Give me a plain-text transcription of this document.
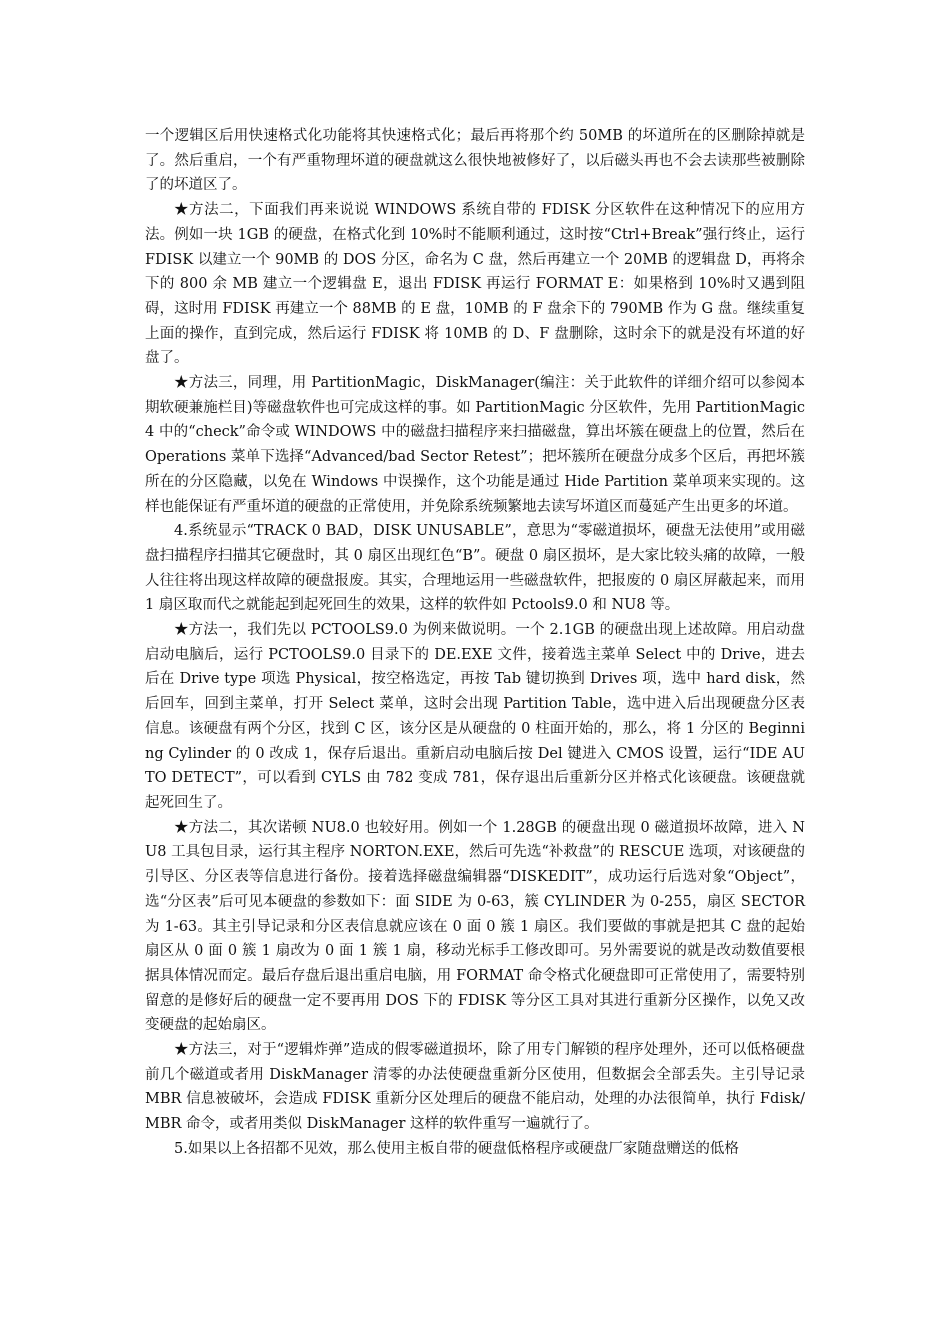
一个逻辑区后用快速格式化功能将其快速格式化；最后再将那个约 50MB 的坏道所在的区删除掉就是了。然后重启，一个有严重物理坏道的硬盘就这么很快地被修好了，以后磁头再也不会去读那些被删除了的坏道区了。

★方法二，下面我们再来说说 WINDOWS 系统自带的 FDISK 分区软件在这种情况下的应用方法。例如一块 1GB 的硬盘，在格式化到 10%时不能顺利通过，这时按“Ctrl+Break”强行终止，运行 FDISK 以建立一个 90MB 的 DOS 分区，命名为 C 盘，然后再建立一个 20MB 的逻辑盘 D，再将余下的 800 余 MB 建立一个逻辑盘 E，退出 FDISK 再运行 FORMAT E：如果格到 10%时又遇到阻碍，这时用 FDISK 再建立一个 88MB 的 E 盘，10MB 的 F 盘余下的 790MB 作为 G 盘。继续重复上面的操作，直到完成，然后运行 FDISK 将 10MB 的 D、F 盘删除，这时余下的就是没有坏道的好盘了。

★方法三，同理，用 PartitionMagic，DiskManager(编注：关于此软件的详细介绍可以参阅本期软硬兼施栏目)等磁盘软件也可完成这样的事。如 PartitionMagic 分区软件，先用 PartitionMagic4 中的“check”命令或 WINDOWS 中的磁盘扫描程序来扫描磁盘，算出坏簇在硬盘上的位置，然后在 Operations 菜单下选择“Advanced/bad Sector Retest”；把坏簇所在硬盘分成多个区后，再把坏簇所在的分区隐藏，以免在 Windows 中误操作，这个功能是通过 Hide Partition 菜单项来实现的。这样也能保证有严重坏道的硬盘的正常使用，并免除系统频繁地去读写坏道区而蔓延产生出更多的坏道。

4.系统显示“TRACK 0 BAD，DISK UNUSABLE”，意思为“零磁道损坏，硬盘无法使用”或用磁盘扫描程序扫描其它硬盘时，其 0 扇区出现红色“B”。硬盘 0 扇区损坏，是大家比较头痛的故障，一般人往往将出现这样故障的硬盘报废。其实，合理地运用一些磁盘软件，把报废的 0 扇区屏蔽起来，而用 1 扇区取而代之就能起到起死回生的效果，这样的软件如 Pctools9.0 和 NU8 等。

★方法一，我们先以 PCTOOLS9.0 为例来做说明。一个 2.1GB 的硬盘出现上述故障。用启动盘启动电脑后，运行 PCTOOLS9.0 目录下的 DE.EXE 文件，接着选主菜单 Select 中的 Drive，进去后在 Drive type 项选 Physical，按空格选定，再按 Tab 键切换到 Drives 项，选中 hard disk，然后回车，回到主菜单，打开 Select 菜单，这时会出现 Partition Table，选中进入后出现硬盘分区表信息。该硬盘有两个分区，找到 C 区，该分区是从硬盘的 0 柱面开始的，那么，将 1 分区的 Beginning Cylinder 的 0 改成 1，保存后退出。重新启动电脑后按 Del 键进入 CMOS 设置，运行“IDE AUTO DETECT”，可以看到 CYLS 由 782 变成 781，保存退出后重新分区并格式化该硬盘。该硬盘就起死回生了。

★方法二，其次诺顿 NU8.0 也较好用。例如一个 1.28GB 的硬盘出现 0 磁道损坏故障，进入 NU8 工具包目录，运行其主程序 NORTON.EXE，然后可先选“补救盘”的 RESCUE 选项，对该硬盘的引导区、分区表等信息进行备份。接着选择磁盘编辑器“DISKEDIT”，成功运行后选对象“Object”，选“分区表”后可见本硬盘的参数如下：面 SIDE 为 0-63，簇 CYLINDER 为 0-255，扇区 SECTOR 为 1-63。其主引导记录和分区表信息就应该在 0 面 0 簇 1 扇区。我们要做的事就是把其 C 盘的起始扇区从 0 面 0 簇 1 扇改为 0 面 1 簇 1 扇，移动光标手工修改即可。另外需要说的就是改动数值要根据具体情况而定。最后存盘后退出重启电脑，用 FORMAT 命令格式化硬盘即可正常使用了，需要特别留意的是修好后的硬盘一定不要再用 DOS 下的 FDISK 等分区工具对其进行重新分区操作，以免又改变硬盘的起始扇区。

★方法三，对于“逻辑炸弹”造成的假零磁道损坏，除了用专门解锁的程序处理外，还可以低格硬盘前几个磁道或者用 DiskManager 清零的办法使硬盘重新分区使用，但数据会全部丢失。主引导记录 MBR 信息被破坏，会造成 FDISK 重新分区处理后的硬盘不能启动，处理的办法很简单，执行 Fdisk/MBR 命令，或者用类似 DiskManager 这样的软件重写一遍就行了。

5.如果以上各招都不见效，那么使用主板自带的硬盘低格程序或硬盘厂家随盘赠送的低格
